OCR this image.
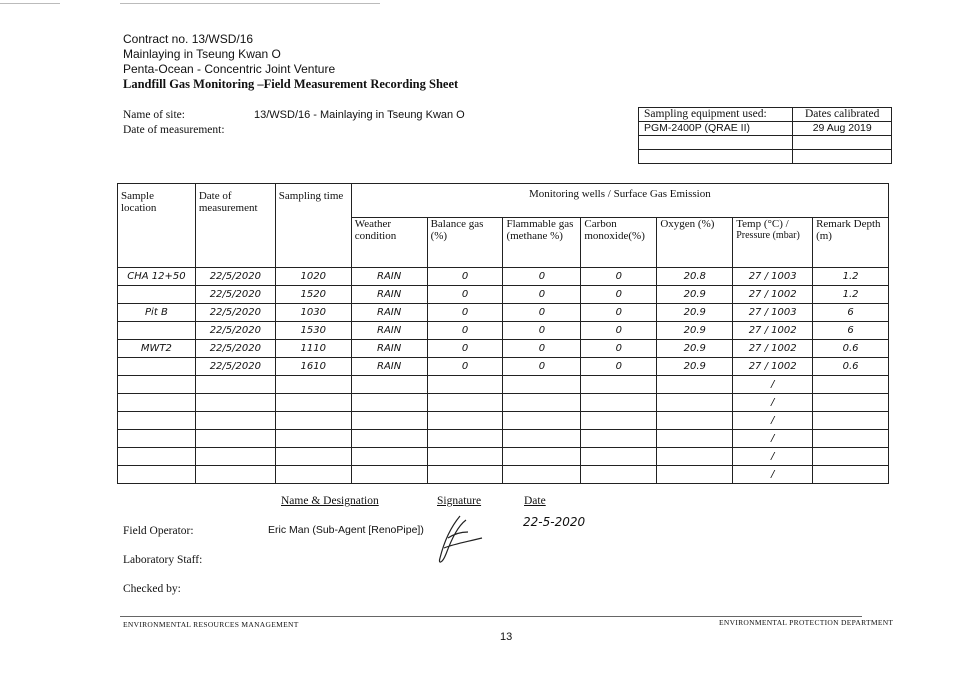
Contract no. 13/WSD/16
Mainlaying in Tseung Kwan O
Penta-Ocean - Concentric Joint Venture
Landfill Gas Monitoring –Field Measurement Recording Sheet
Name of site:	13/WSD/16 - Mainlaying in Tseung Kwan O
Date of measurement:
Sampling equipment used:	Dates calibrated
PGM-2400P (QRAE II)	29 Aug 2019

Sample location	Date of measurement	Sampling time	Monitoring wells / Surface Gas Emission						
			Weather condition	Balance gas (%)	Flammable gas (methane %)	Carbon monoxide(%)	Oxygen (%)	Temp (°C) /
Pressure (mbar)	Remark Depth (m)
CHA 12+50	22/5/2020	1020	RAIN	0	0	0	20.8	27 / 1003	1.2
	22/5/2020	1520	RAIN	0	0	0	20.9	27 / 1002	1.2
Pit B	22/5/2020	1030	RAIN	0	0	0	20.9	27 / 1003	6
	22/5/2020	1530	RAIN	0	0	0	20.9	27 / 1002	6
MWT2	22/5/2020	1110	RAIN	0	0	0	20.9	27 / 1002	0.6
	22/5/2020	1610	RAIN	0	0	0	20.9	27 / 1002	0.6
								/	
								/	
								/	
								/	
								/	
								/	
Name & Designation	Signature	Date
Field Operator:	Eric Man (Sub-Agent [RenoPipe])
22-5-2020
Laboratory Staff:
Checked by:
ENVIRONMENTAL RESOURCES MANAGEMENT	ENVIRONMENTAL PROTECTION DEPARTMENT
13
